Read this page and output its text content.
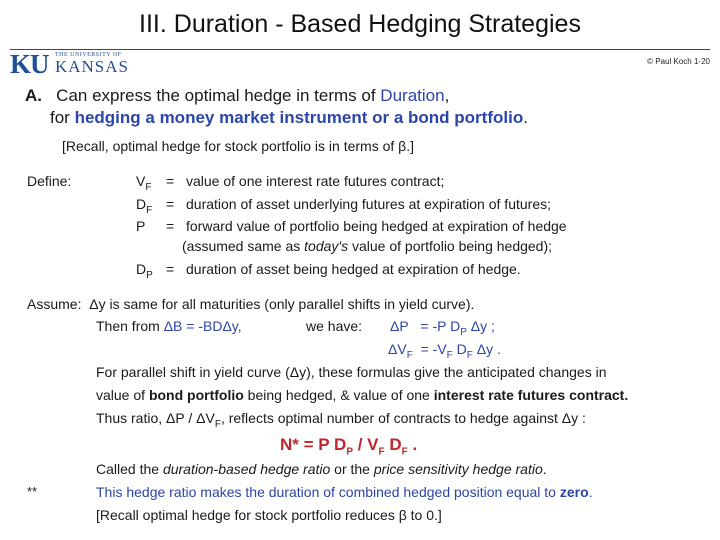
III. Duration - Based Hedging Strategies
KU THE UNIVERSITY OF
KANSAS	© Paul Koch 1-20
A. Can express the optimal hedge in terms of Duration,
for hedging a money market instrument or a bond portfolio.
[Recall, optimal hedge for stock portfolio is in terms of β.]
Define:	$V_F$ = value of one interest rate futures contract;
$D_F$ = duration of asset underlying futures at expiration of futures;
P = forward value of portfolio being hedged at expiration of hedge
(assumed same as today's value of portfolio being hedged);
$D_P$ = duration of asset being hedged at expiration of hedge.
Assume: Δy is same for all maturities (only parallel shifts in yield curve).
Then from ΔB = -BDΔy,	we have: ΔP = -P $D_P$ Δy ;
$\Delta V_F = -V_F$ $D_F$ Δy .
For parallel shift in yield curve (Δy), these formulas give the anticipated changes in
value of bond portfolio being hedged, & value of one interest rate futures contract.
Thus ratio, ΔP / $\Delta V_F$, reflects optimal number of contracts to hedge against Δy :
N* = P $D_P / V_F$ $D_F$ .
Called the duration-based hedge ratio or the price sensitivity hedge ratio.
**	This hedge ratio makes the duration of combined hedged position equal to zero.
[Recall optimal hedge for stock portfolio reduces β to 0.]
